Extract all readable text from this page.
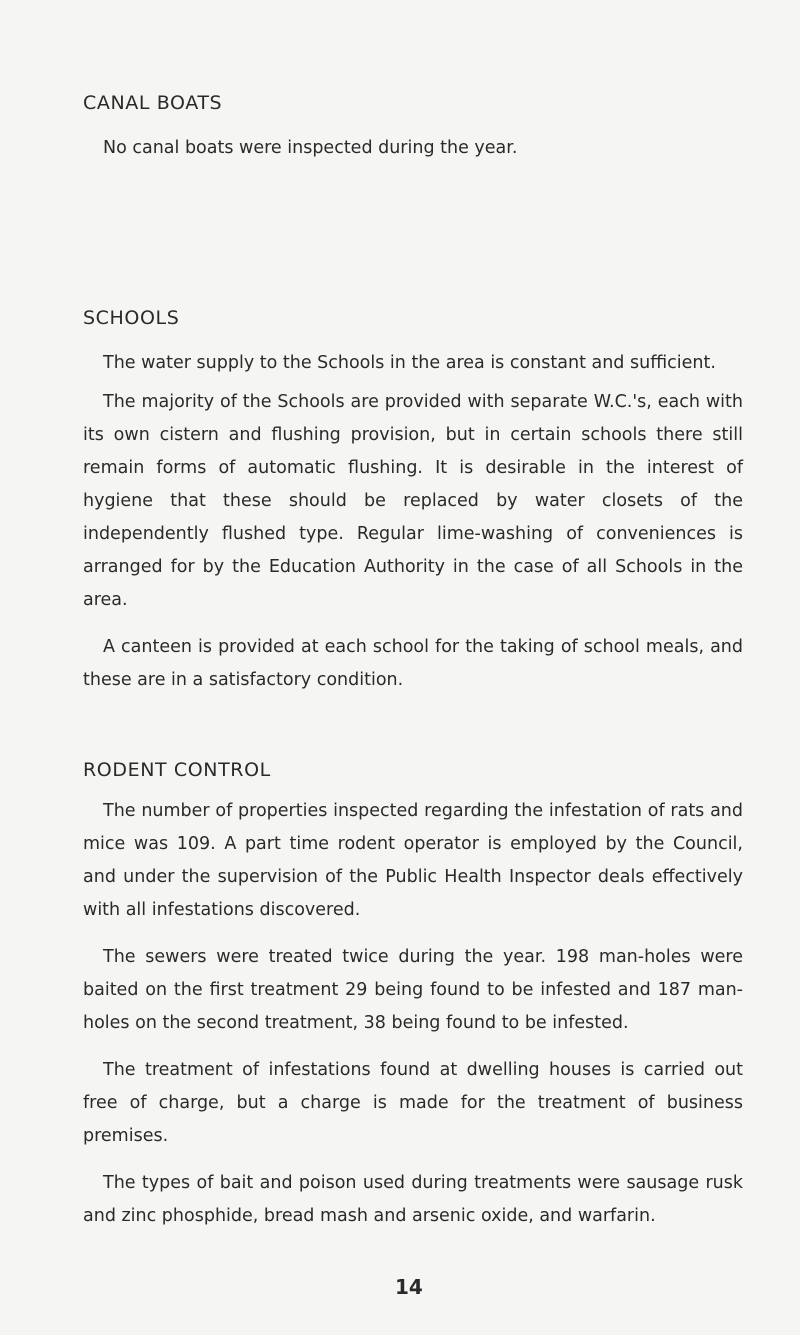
CANAL BOATS

No canal boats were inspected during the year.

SCHOOLS

The water supply to the Schools in the area is constant and sufficient.

The majority of the Schools are provided with separate W.C.'s, each with its own cistern and flushing provision, but in certain schools there still remain forms of automatic flushing. It is desirable in the interest of hygiene that these should be replaced by water closets of the independently flushed type. Regular lime-washing of conveniences is arranged for by the Education Authority in the case of all Schools in the area.

A canteen is provided at each school for the taking of school meals, and these are in a satisfactory condition.

RODENT CONTROL

The number of properties inspected regarding the infestation of rats and mice was 109. A part time rodent operator is employed by the Council, and under the supervision of the Public Health Inspector deals effectively with all infestations discovered.

The sewers were treated twice during the year. 198 man-holes were baited on the first treatment 29 being found to be infested and 187 man-holes on the second treatment, 38 being found to be infested.

The treatment of infestations found at dwelling houses is carried out free of charge, but a charge is made for the treatment of business premises.

The types of bait and poison used during treatments were sausage rusk and zinc phosphide, bread mash and arsenic oxide, and warfarin.

14
